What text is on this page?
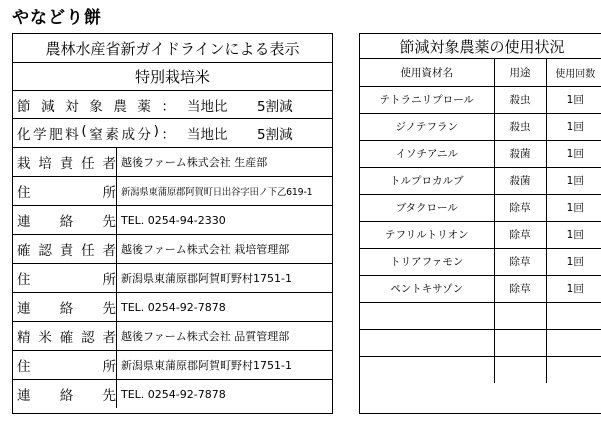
やなどり餅
農林水産省新ガイドラインによる表示
特別栽培米
節 減 対 象 農 薬 ： 当地比	5割減
化 学 肥 料 ( 窒 素 成 分 ) ： 当地比	5割減
栽 培 責 任 者 越後ファーム株式会社 生産部
住	所 新潟県東蒲原郡阿賀町日出谷字田ノ下乙619-1
連 絡 先 TEL. 0254-94-2330
確 認 責 任 者 越後ファーム株式会社 栽培管理部
住	所 新潟県東蒲原郡阿賀町野村1751-1
連 絡 先 TEL. 0254-92-7878
精 米 確 認 者 越後ファーム株式会社 品質管理部
住	所 新潟県東蒲原郡阿賀町野村1751-1
連 絡 先 TEL. 0254-92-7878
節減対象農薬の使用状況
使用資材名	用途	使用回数
テトラニリプロール	殺虫	1回
ジノテフラン	殺虫	1回
イソチアニル	殺菌	1回
トルプロカルブ	殺菌	1回
ブタクロール	除草	1回
テフリルトリオン	除草	1回
トリアファモン	除草	1回
ペントキサゾン	除草	1回
